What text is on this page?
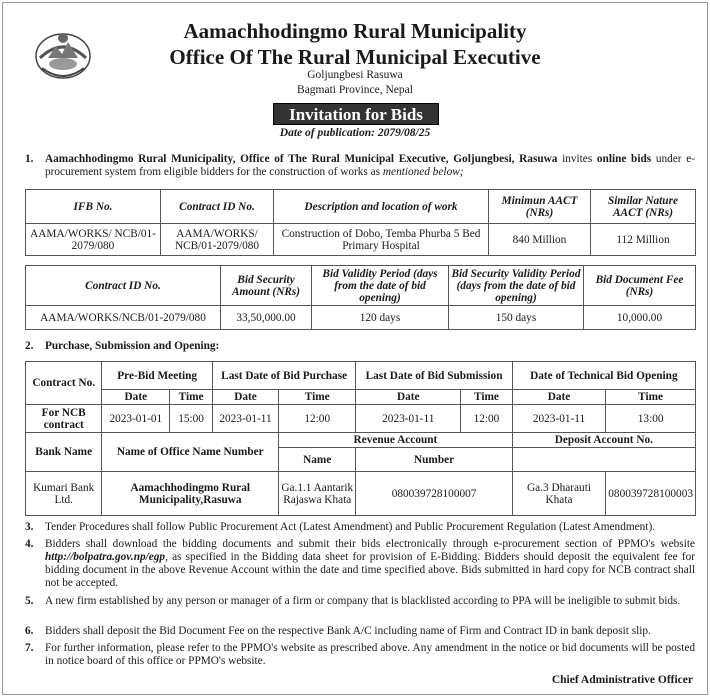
Aamachhodingmo Rural Municipality
Office Of The Rural Municipal Executive
Goljungbesi Rasuwa
Bagmati Province, Nepal
Invitation for Bids
Date of publication: 2079/08/25
1.	Aamachhodingmo Rural Municipality, Office of The Rural Municipal Executive, Goljungbesi, Rasuwa invites online bids under e-procurement system from eligible bidders for the construction of works as mentioned below;
IFB No.	Contract ID No.	Description and location of work	Minimun AACT (NRs)	Similar Nature AACT (NRs)
AAMA/WORKS/ NCB/01-2079/080	AAMA/WORKS/ NCB/01-2079/080	Construction of Dobo, Temba Phurba 5 Bed Primary Hospital	840 Million	112 Million
Contract ID No.	Bid Security Amount (NRs)	Bid Validity Period (days from the date of bid opening)	Bid Security Validity Period (days from the date of bid opening)	Bid Document Fee (NRs)
AAMA/WORKS/NCB/01-2079/080	33,50,000.00	120 days	150 days	10,000.00
2.	Purchase, Submission and Opening:
Contract No.	Pre-Bid Meeting		Last Date of Bid Purchase		Last Date of Bid Submission		Date of Technical Bid Opening	
	Date	Time	Date	Time	Date	Time	Date	Time
For NCB contract	2023-01-01	15:00	2023-01-11	12:00	2023-01-11	12:00	2023-01-11	13:00
Bank Name	Name of Office Name Number			Revenue Account			Deposit Account No.	
				Name	Number			
Kumari Bank Ltd.	Aamachhodingmo Rural Municipality,Rasuwa			Ga.1.1 Aantarik Rajaswa Khata	080039728100007		Ga.3 Dharauti Khata	080039728100003
3.	Tender Procedures shall follow Public Procurement Act (Latest Amendment) and Public Procurement Regulation (Latest Amendment).
4.	Bidders shall download the bidding documents and submit their bids electronically through e-procurement section of PPMO's website http://bolpatra.gov.np/egp, as specified in the Bidding data sheet for provision of E-Bidding. Bidders should deposit the equivalent fee for bidding document in the above Revenue Account within the date and time specified above. Bids submitted in hard copy for NCB contract shall not be accepted.
5.	A new firm established by any person or manager of a firm or company that is blacklisted according to PPA will be ineligible to submit bids.
6.	Bidders shall deposit the Bid Document Fee on the respective Bank A/C including name of Firm and Contract ID in bank deposit slip.
7.	For further information, please refer to the PPMO's website as prescribed above. Any amendment in the notice or bid documents will be posted in notice board of this office or PPMO's website.
Chief Administrative Officer
